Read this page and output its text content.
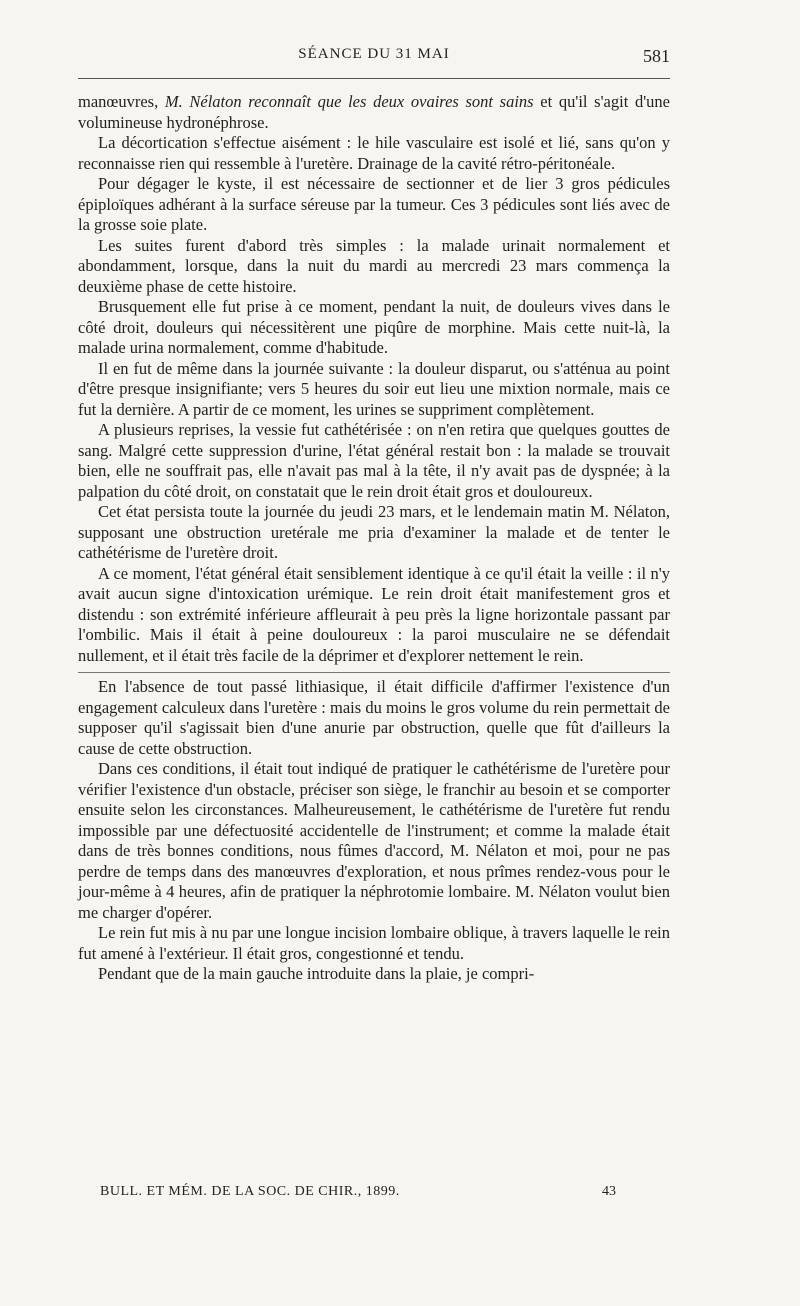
SÉANCE DU 31 MAI	581

manœuvres, M. Nélaton reconnaît que les deux ovaires sont sains et qu'il s'agit d'une volumineuse hydronéphrose.

La décortication s'effectue aisément : le hile vasculaire est isolé et lié, sans qu'on y reconnaisse rien qui ressemble à l'uretère. Drainage de la cavité rétro-péritonéale.

Pour dégager le kyste, il est nécessaire de sectionner et de lier 3 gros pédicules épiploïques adhérant à la surface séreuse par la tumeur. Ces 3 pédicules sont liés avec de la grosse soie plate.

Les suites furent d'abord très simples : la malade urinait normalement et abondamment, lorsque, dans la nuit du mardi au mercredi 23 mars commença la deuxième phase de cette histoire.

Brusquement elle fut prise à ce moment, pendant la nuit, de douleurs vives dans le côté droit, douleurs qui nécessitèrent une piqûre de morphine. Mais cette nuit-là, la malade urina normalement, comme d'habitude.

Il en fut de même dans la journée suivante : la douleur disparut, ou s'atténua au point d'être presque insignifiante; vers 5 heures du soir eut lieu une mixtion normale, mais ce fut la dernière. A partir de ce moment, les urines se suppriment complètement.

A plusieurs reprises, la vessie fut cathétérisée : on n'en retira que quelques gouttes de sang. Malgré cette suppression d'urine, l'état général restait bon : la malade se trouvait bien, elle ne souffrait pas, elle n'avait pas mal à la tête, il n'y avait pas de dyspnée; à la palpation du côté droit, on constatait que le rein droit était gros et douloureux.

Cet état persista toute la journée du jeudi 23 mars, et le lendemain matin M. Nélaton, supposant une obstruction uretérale me pria d'examiner la malade et de tenter le cathétérisme de l'uretère droit.

A ce moment, l'état général était sensiblement identique à ce qu'il était la veille : il n'y avait aucun signe d'intoxication urémique. Le rein droit était manifestement gros et distendu : son extrémité inférieure affleurait à peu près la ligne horizontale passant par l'ombilic. Mais il était à peine douloureux : la paroi musculaire ne se défendait nullement, et il était très facile de la déprimer et d'explorer nettement le rein.

En l'absence de tout passé lithiasique, il était difficile d'affirmer l'existence d'un engagement calculeux dans l'uretère : mais du moins le gros volume du rein permettait de supposer qu'il s'agissait bien d'une anurie par obstruction, quelle que fût d'ailleurs la cause de cette obstruction.

Dans ces conditions, il était tout indiqué de pratiquer le cathétérisme de l'uretère pour vérifier l'existence d'un obstacle, préciser son siège, le franchir au besoin et se comporter ensuite selon les circonstances. Malheureusement, le cathétérisme de l'uretère fut rendu impossible par une défectuosité accidentelle de l'instrument; et comme la malade était dans de très bonnes conditions, nous fûmes d'accord, M. Nélaton et moi, pour ne pas perdre de temps dans des manœuvres d'exploration, et nous prîmes rendez-vous pour le jour-même à 4 heures, afin de pratiquer la néphrotomie lombaire. M. Nélaton voulut bien me charger d'opérer.

Le rein fut mis à nu par une longue incision lombaire oblique, à travers laquelle le rein fut amené à l'extérieur. Il était gros, congestionné et tendu.

Pendant que de la main gauche introduite dans la plaie, je compri-

BULL. ET MÉM. DE LA SOC. DE CHIR., 1899.	43
